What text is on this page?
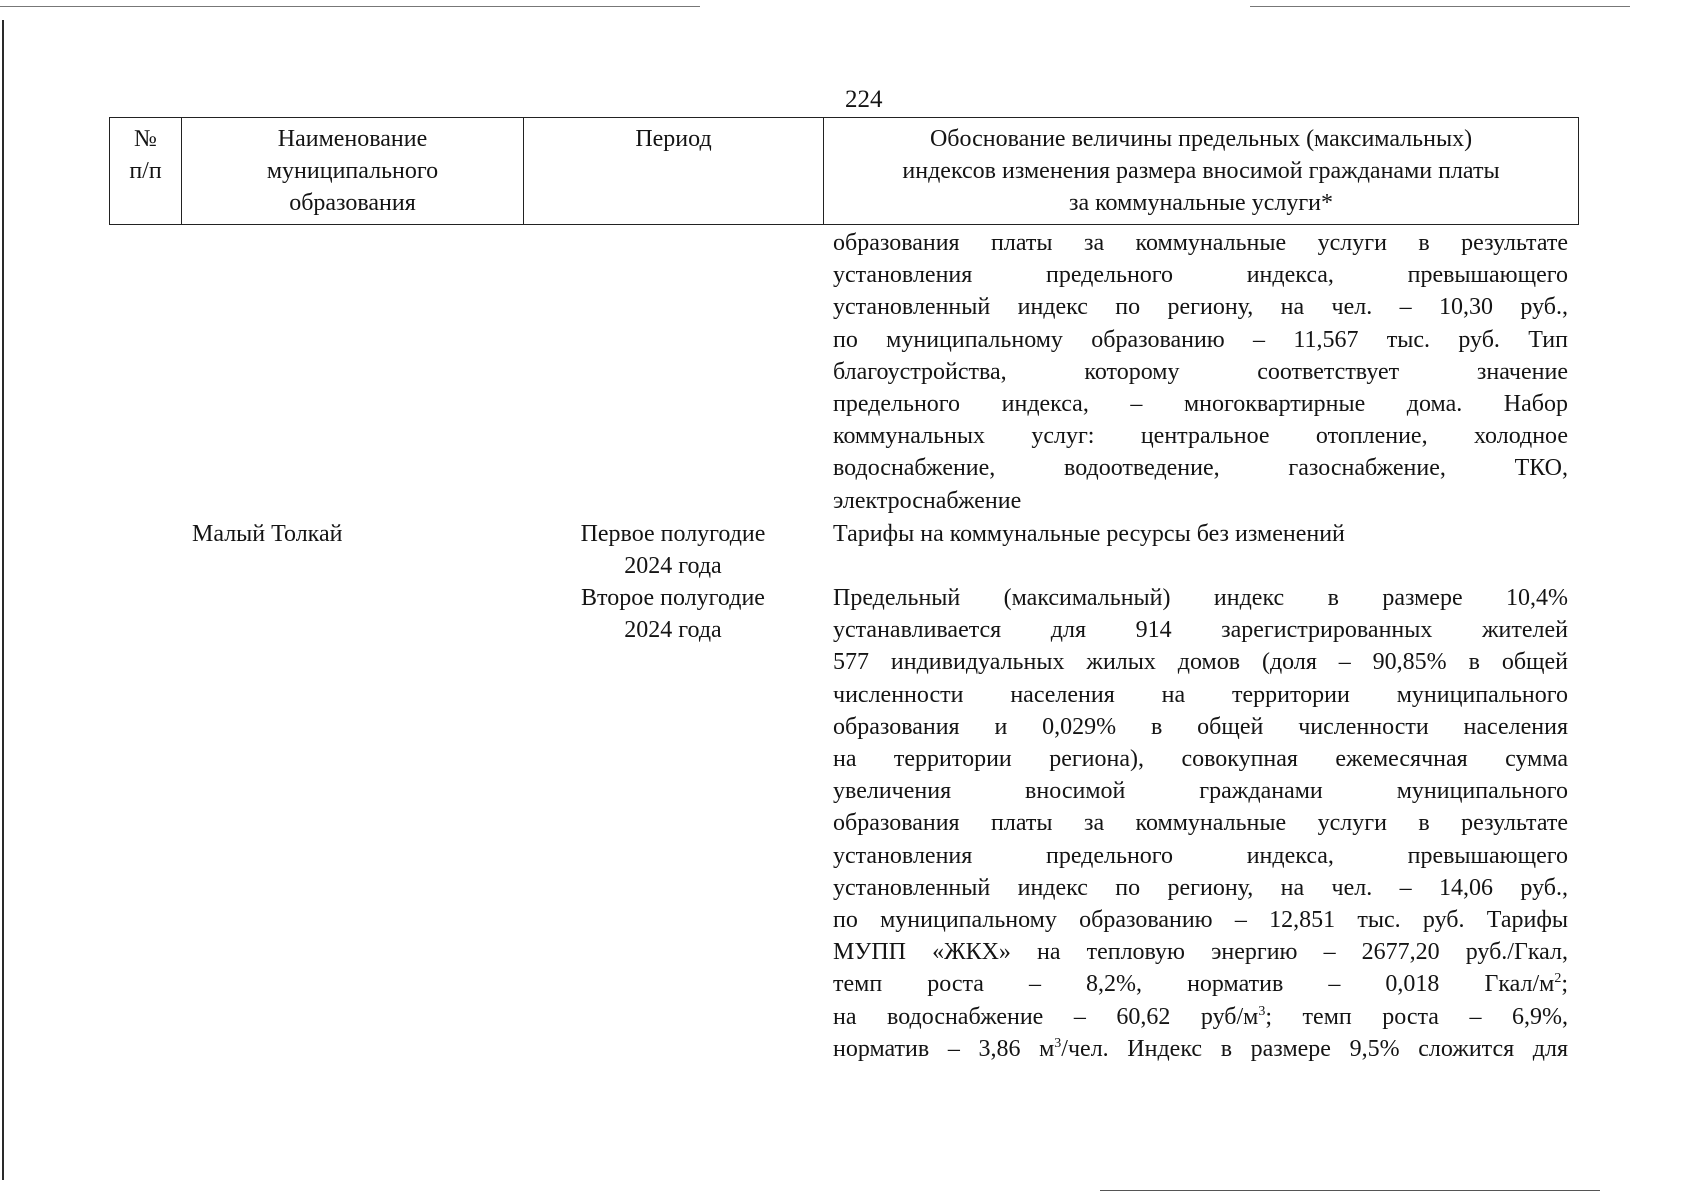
224
№
п/п
Наименование
муниципального
образования
Период	Обоснование величины предельных (максимальных)
индексов изменения размера вносимой гражданами платы
за коммунальные услуги*
образования платы за коммунальные услуги в результате
установления предельного индекса, превышающего
установленный индекс по региону, на чел. – 10,30 руб.,
по муниципальному образованию – 11,567 тыс. руб. Тип
благоустройства, которому соответствует значение
предельного индекса, – многоквартирные дома. Набор
коммунальных услуг: центральное отопление, холодное
водоснабжение, водоотведение, газоснабжение, ТКО,
электроснабжение
Малый Толкай	Первое полугодие
2024 года
Тарифы на коммунальные ресурсы без изменений
Второе полугодие
2024 года
Предельный (максимальный) индекс в размере 10,4%
устанавливается для 914 зарегистрированных жителей
577 индивидуальных жилых домов (доля – 90,85% в общей
численности населения на территории муниципального
образования и 0,029% в общей численности населения
на территории региона), совокупная ежемесячная сумма
увеличения вносимой гражданами муниципального
образования платы за коммунальные услуги в результате
установления предельного индекса, превышающего
установленный индекс по региону, на чел. – 14,06 руб.,
по муниципальному образованию – 12,851 тыс. руб. Тарифы
МУПП «ЖКХ» на тепловую энергию – 2677,20 руб./Гкал,
темп роста – 8,2%, норматив – 0,018 Гкал/$м^2$;
на водоснабжение – 60,62 руб/$м^3$; темп роста – 6,9%,
норматив – 3,86 $м^3$/чел. Индекс в размере 9,5% сложится для
